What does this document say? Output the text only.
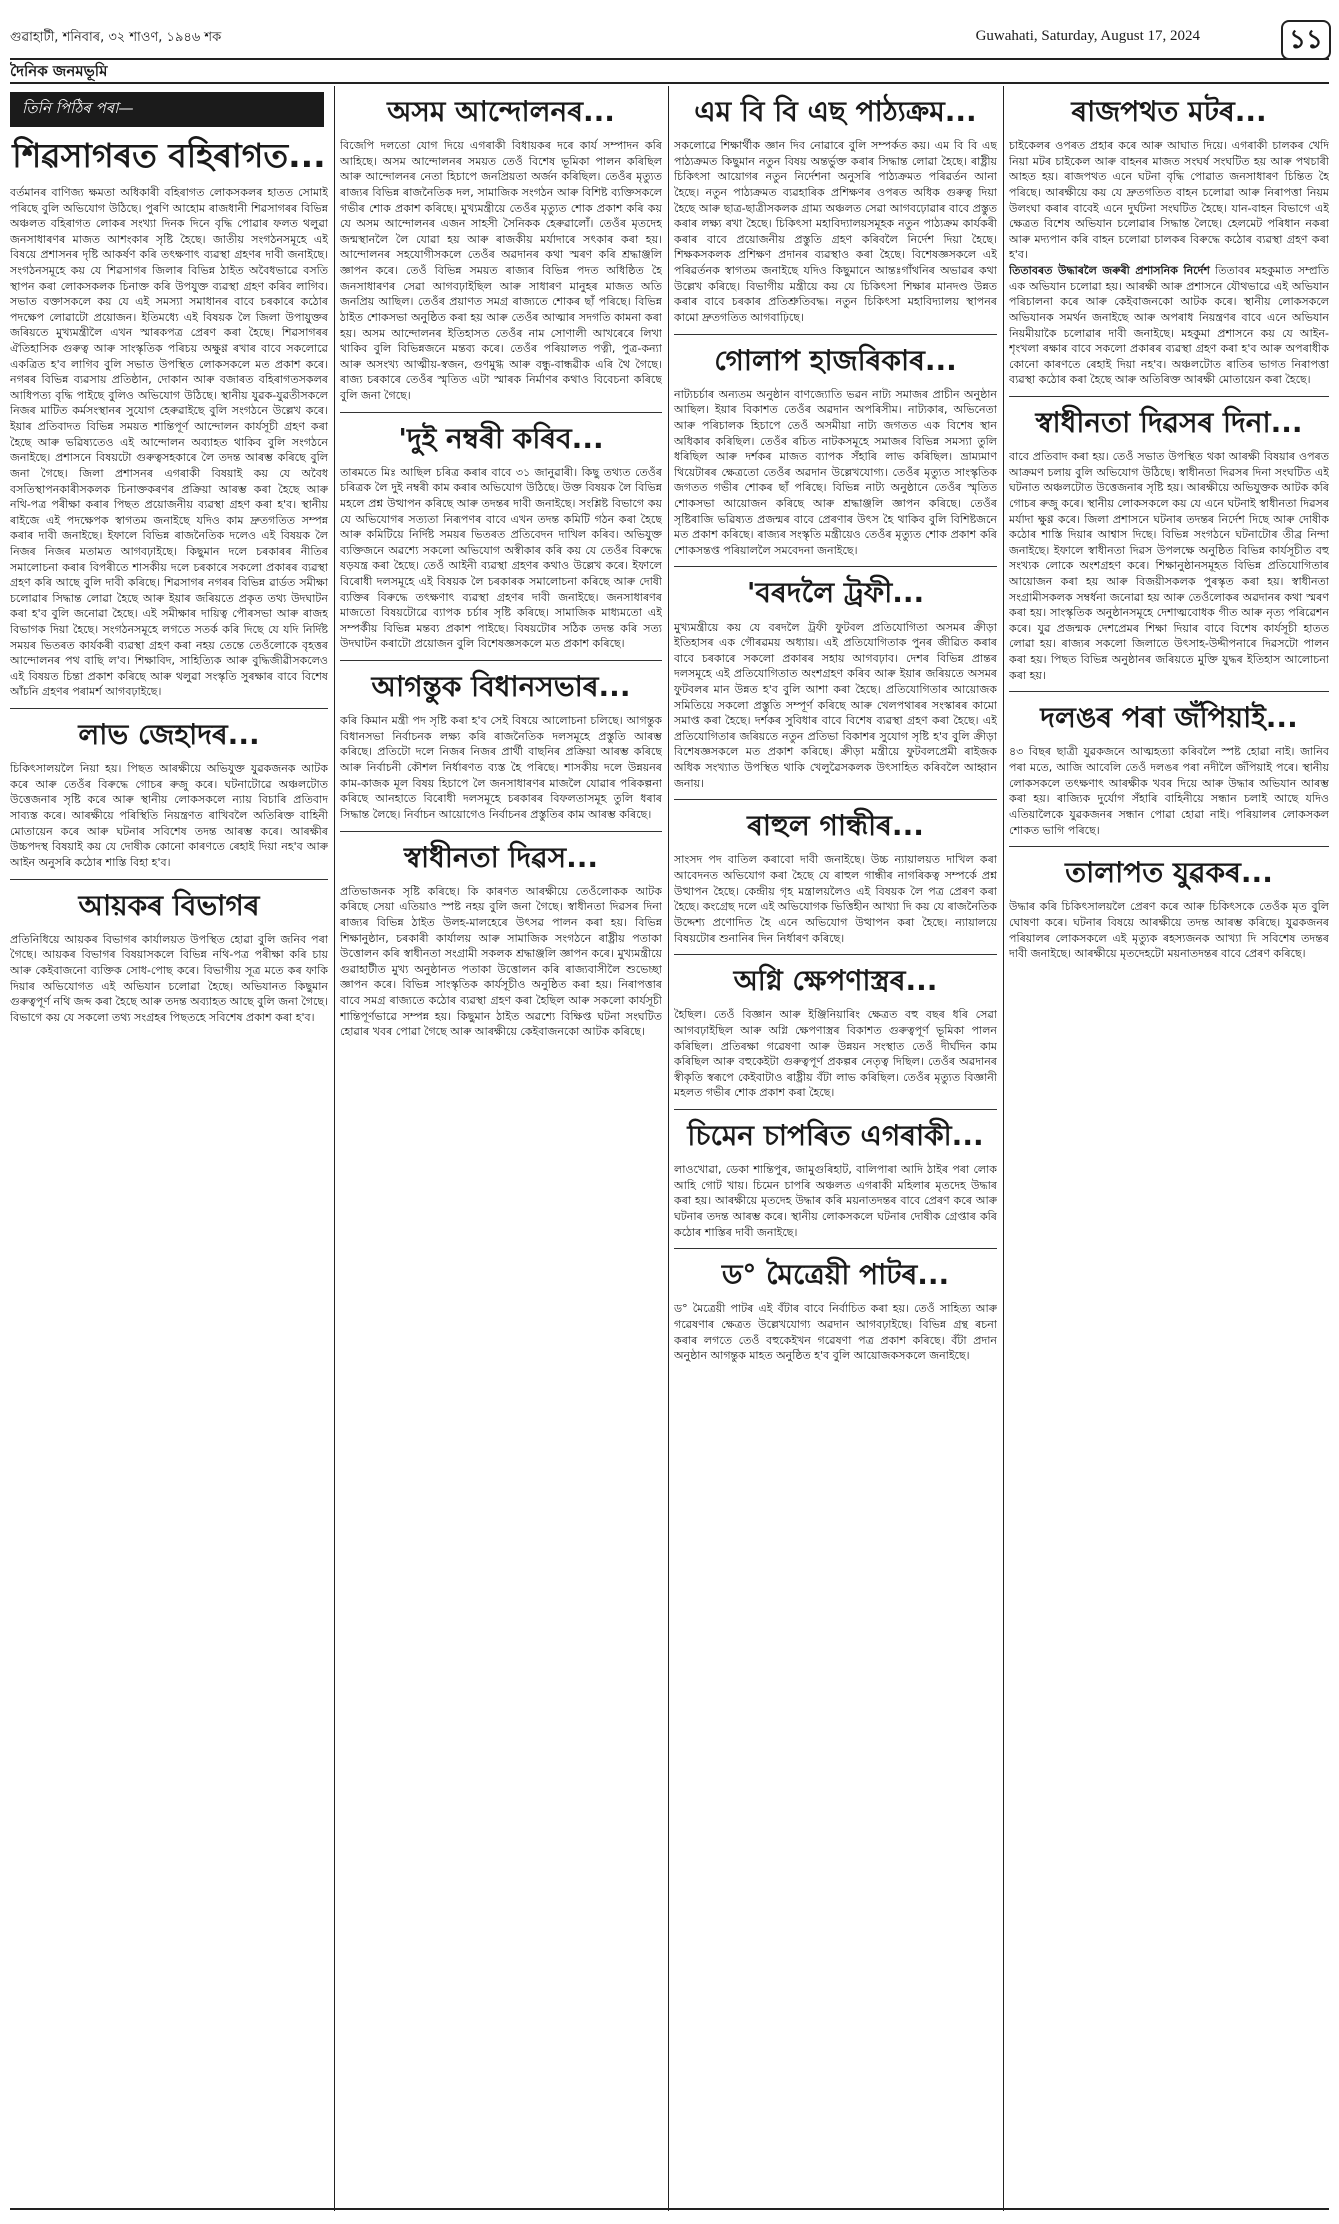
গুৱাহাটী, শনিবাৰ, ৩২ শাওণ, ১৯৪৬ শক	Guwahati, Saturday, August 17, 2024	১১
দৈনিক জনমভূমি
তিনি পিঠিৰ পৰা—
শিৱসাগৰত বহিৰাগত...

বৰ্তমানৰ বাণিজ্য ক্ষমতা অধিকাৰী বহিৰাগত লোকসকলৰ হাতত সোমাই পৰিছে বুলি অভিযোগ উঠিছে। পুৰণি আহোম ৰাজধানী শিৱসাগৰৰ বিভিন্ন অঞ্চলত বহিৰাগত লোকৰ সংখ্যা দিনক দিনে বৃদ্ধি পোৱাৰ ফলত থলুৱা জনসাধাৰণৰ মাজত আশংকাৰ সৃষ্টি হৈছে। জাতীয় সংগঠনসমূহে এই বিষয়ে প্ৰশাসনৰ দৃষ্টি আকৰ্ষণ কৰি তৎক্ষণাৎ ব্যৱস্থা গ্ৰহণৰ দাবী জনাইছে। সংগঠনসমূহে কয় যে শিৱসাগৰ জিলাৰ বিভিন্ন ঠাইত অবৈধভাৱে বসতি স্থাপন কৰা লোকসকলক চিনাক্ত কৰি উপযুক্ত ব্যৱস্থা গ্ৰহণ কৰিব লাগিব। সভাত বক্তাসকলে কয় যে এই সমস্যা সমাধানৰ বাবে চৰকাৰে কঠোৰ পদক্ষেপ লোৱাটো প্ৰয়োজন। ইতিমধ্যে এই বিষয়ক লৈ জিলা উপায়ুক্তৰ জৰিয়তে মুখ্যমন্ত্ৰীলৈ এখন স্মাৰকপত্ৰ প্ৰেৰণ কৰা হৈছে। শিৱসাগৰৰ ঐতিহাসিক গুৰুত্ব আৰু সাংস্কৃতিক পৰিচয় অক্ষুণ্ণ ৰখাৰ বাবে সকলোৱে একত্ৰিত হ'ব লাগিব বুলি সভাত উপস্থিত লোকসকলে মত প্ৰকাশ কৰে। নগৰৰ বিভিন্ন ব্যৱসায় প্ৰতিষ্ঠান, দোকান আৰু বজাৰত বহিৰাগতসকলৰ আধিপত্য বৃদ্ধি পাইছে বুলিও অভিযোগ উঠিছে। স্থানীয় যুৱক-যুৱতীসকলে নিজৰ মাটিত কৰ্মসংস্থানৰ সুযোগ হেৰুৱাইছে বুলি সংগঠনে উল্লেখ কৰে। ইয়াৰ প্ৰতিবাদত বিভিন্ন সময়ত শান্তিপূৰ্ণ আন্দোলন কাৰ্যসূচী গ্ৰহণ কৰা হৈছে আৰু ভৱিষ্যতেও এই আন্দোলন অব্যাহত থাকিব বুলি সংগঠনে জনাইছে। প্ৰশাসনে বিষয়টো গুৰুত্বসহকাৰে লৈ তদন্ত আৰম্ভ কৰিছে বুলি জনা গৈছে। জিলা প্ৰশাসনৰ এগৰাকী বিষয়াই কয় যে অবৈধ বসতিস্থাপনকাৰীসকলক চিনাক্তকৰণৰ প্ৰক্ৰিয়া আৰম্ভ কৰা হৈছে আৰু নথি-পত্ৰ পৰীক্ষা কৰাৰ পিছত প্ৰয়োজনীয় ব্যৱস্থা গ্ৰহণ কৰা হ'ব। স্থানীয় ৰাইজে এই পদক্ষেপক স্বাগতম জনাইছে যদিও কাম দ্ৰুতগতিত সম্পন্ন কৰাৰ দাবী জনাইছে। ইফালে বিভিন্ন ৰাজনৈতিক দলেও এই বিষয়ক লৈ নিজৰ নিজৰ মতামত আগবঢ়াইছে। কিছুমান দলে চৰকাৰৰ নীতিৰ সমালোচনা কৰাৰ বিপৰীতে শাসকীয় দলে চৰকাৰে সকলো প্ৰকাৰৰ ব্যৱস্থা গ্ৰহণ কৰি আছে বুলি দাবী কৰিছে। শিৱসাগৰ নগৰৰ বিভিন্ন ৱাৰ্ডত সমীক্ষা চলোৱাৰ সিদ্ধান্ত লোৱা হৈছে আৰু ইয়াৰ জৰিয়তে প্ৰকৃত তথ্য উদঘাটন কৰা হ'ব বুলি জনোৱা হৈছে। এই সমীক্ষাৰ দায়িত্ব পৌৰসভা আৰু ৰাজহ বিভাগক দিয়া হৈছে। সংগঠনসমূহে লগতে সতৰ্ক কৰি দিছে যে যদি নিৰ্দিষ্ট সময়ৰ ভিতৰত কাৰ্যকৰী ব্যৱস্থা গ্ৰহণ কৰা নহয় তেন্তে তেওঁলোকে বৃহত্তৰ আন্দোলনৰ পথ বাছি ল'ব। শিক্ষাবিদ, সাহিত্যিক আৰু বুদ্ধিজীৱীসকলেও এই বিষয়ত চিন্তা প্ৰকাশ কৰিছে আৰু থলুৱা সংস্কৃতি সুৰক্ষাৰ বাবে বিশেষ আঁচনি গ্ৰহণৰ পৰামৰ্শ আগবঢ়াইছে।

লাভ জেহাদৰ...

চিকিৎসালয়লৈ নিয়া হয়। পিছত আৰক্ষীয়ে অভিযুক্ত যুৱকজনক আটক কৰে আৰু তেওঁৰ বিৰুদ্ধে গোচৰ ৰুজু কৰে। ঘটনাটোৱে অঞ্চলটোত উত্তেজনাৰ সৃষ্টি কৰে আৰু স্থানীয় লোকসকলে ন্যায় বিচাৰি প্ৰতিবাদ সাব্যস্ত কৰে। আৰক্ষীয়ে পৰিস্থিতি নিয়ন্ত্ৰণত ৰাখিবলৈ অতিৰিক্ত বাহিনী মোতায়েন কৰে আৰু ঘটনাৰ সবিশেষ তদন্ত আৰম্ভ কৰে। আৰক্ষীৰ উচ্চপদস্থ বিষয়াই কয় যে দোষীক কোনো কাৰণতে ৰেহাই দিয়া নহ'ব আৰু আইন অনুসৰি কঠোৰ শাস্তি বিহা হ'ব।

আয়কৰ বিভাগৰ

প্ৰতিনিধিয়ে আয়কৰ বিভাগৰ কাৰ্যালয়ত উপস্থিত হোৱা বুলি জনিব পৰা গৈছে। আয়কৰ বিভাগৰ বিষয়াসকলে বিভিন্ন নথি-পত্ৰ পৰীক্ষা কৰি চায় আৰু কেইবাজনো ব্যক্তিক সোধ-পোছ কৰে। বিভাগীয় সূত্ৰ মতে কৰ ফাকি দিয়াৰ অভিযোগত এই অভিযান চলোৱা হৈছে। অভিযানত কিছুমান গুৰুত্বপূৰ্ণ নথি জব্দ কৰা হৈছে আৰু তদন্ত অব্যাহত আছে বুলি জনা গৈছে। বিভাগে কয় যে সকলো তথ্য সংগ্ৰহৰ পিছতহে সবিশেষ প্ৰকাশ কৰা হ'ব।

অসম আন্দোলনৰ...

বিজেপি দলতো যোগ দিয়ে এগৰাকী বিধায়কৰ দৰে কাৰ্য সম্পাদন কৰি আহিছে। অসম আন্দোলনৰ সময়ত তেওঁ বিশেষ ভূমিকা পালন কৰিছিল আৰু আন্দোলনৰ নেতা হিচাপে জনপ্ৰিয়তা অৰ্জন কৰিছিল। তেওঁৰ মৃত্যুত ৰাজ্যৰ বিভিন্ন ৰাজনৈতিক দল, সামাজিক সংগঠন আৰু বিশিষ্ট ব্যক্তিসকলে গভীৰ শোক প্ৰকাশ কৰিছে। মুখ্যমন্ত্ৰীয়ে তেওঁৰ মৃত্যুত শোক প্ৰকাশ কৰি কয় যে অসম আন্দোলনৰ এজন সাহসী সৈনিকক হেৰুৱালোঁ। তেওঁৰ মৃতদেহ জন্মস্থানলৈ লৈ যোৱা হয় আৰু ৰাজকীয় মৰ্যাদাৰে সৎকাৰ কৰা হয়। আন্দোলনৰ সহযোগীসকলে তেওঁৰ অৱদানৰ কথা স্মৰণ কৰি শ্ৰদ্ধাঞ্জলি জ্ঞাপন কৰে। তেওঁ বিভিন্ন সময়ত ৰাজ্যৰ বিভিন্ন পদত অধিষ্ঠিত হৈ জনসাধাৰণৰ সেৱা আগবঢ়াইছিল আৰু সাধাৰণ মানুহৰ মাজত অতি জনপ্ৰিয় আছিল। তেওঁৰ প্ৰয়াণত সমগ্ৰ ৰাজ্যতে শোকৰ ছাঁ পৰিছে। বিভিন্ন ঠাইত শোকসভা অনুষ্ঠিত কৰা হয় আৰু তেওঁৰ আত্মাৰ সদগতি কামনা কৰা হয়। অসম আন্দোলনৰ ইতিহাসত তেওঁৰ নাম সোণালী আখৰেৰে লিখা থাকিব বুলি বিভিন্নজনে মন্তব্য কৰে। তেওঁৰ পৰিয়ালত পত্নী, পুত্ৰ-কন্যা আৰু অসংখ্য আত্মীয়-স্বজন, গুণমুগ্ধ আৰু বন্ধু-বান্ধৱীক এৰি থৈ গৈছে। ৰাজ্য চৰকাৰে তেওঁৰ স্মৃতিত এটা স্মাৰক নিৰ্মাণৰ কথাও বিবেচনা কৰিছে বুলি জনা গৈছে।

'দুই নম্বৰী কৰিব...

তাৰমতে মিঃ আছিল চৰিত্ৰ কৰাৰ বাবে ৩১ জানুৱাৰী। কিছু তথ্যত তেওঁৰ চৰিত্ৰক লৈ দুই নম্বৰী কাম কৰাৰ অভিযোগ উঠিছে। উক্ত বিষয়ক লৈ বিভিন্ন মহলে প্ৰশ্ন উত্থাপন কৰিছে আৰু তদন্তৰ দাবী জনাইছে। সংশ্লিষ্ট বিভাগে কয় যে অভিযোগৰ সত্যতা নিৰূপণৰ বাবে এখন তদন্ত কমিটি গঠন কৰা হৈছে আৰু কমিটিয়ে নিৰ্দিষ্ট সময়ৰ ভিতৰত প্ৰতিবেদন দাখিল কৰিব। অভিযুক্ত ব্যক্তিজনে অৱশ্যে সকলো অভিযোগ অস্বীকাৰ কৰি কয় যে তেওঁৰ বিৰুদ্ধে ষড়যন্ত্ৰ কৰা হৈছে। তেওঁ আইনী ব্যৱস্থা গ্ৰহণৰ কথাও উল্লেখ কৰে। ইফালে বিৰোধী দলসমূহে এই বিষয়ক লৈ চৰকাৰক সমালোচনা কৰিছে আৰু দোষী ব্যক্তিৰ বিৰুদ্ধে তৎক্ষণাৎ ব্যৱস্থা গ্ৰহণৰ দাবী জনাইছে। জনসাধাৰণৰ মাজতো বিষয়টোৱে ব্যাপক চৰ্চাৰ সৃষ্টি কৰিছে। সামাজিক মাধ্যমতো এই সম্পৰ্কীয় বিভিন্ন মন্তব্য প্ৰকাশ পাইছে। বিষয়টোৰ সঠিক তদন্ত কৰি সত্য উদঘাটন কৰাটো প্ৰয়োজন বুলি বিশেষজ্ঞসকলে মত প্ৰকাশ কৰিছে।

আগন্তুক বিধানসভাৰ...

কৰি কিমান মন্ত্ৰী পদ সৃষ্টি কৰা হ'ব সেই বিষয়ে আলোচনা চলিছে। আগন্তুক বিধানসভা নিৰ্বাচনক লক্ষ্য কৰি ৰাজনৈতিক দলসমূহে প্ৰস্তুতি আৰম্ভ কৰিছে। প্ৰতিটো দলে নিজৰ নিজৰ প্ৰাৰ্থী বাছনিৰ প্ৰক্ৰিয়া আৰম্ভ কৰিছে আৰু নিৰ্বাচনী কৌশল নিৰ্ধাৰণত ব্যস্ত হৈ পৰিছে। শাসকীয় দলে উন্নয়নৰ কাম-কাজক মূল বিষয় হিচাপে লৈ জনসাধাৰণৰ মাজলৈ যোৱাৰ পৰিকল্পনা কৰিছে আনহাতে বিৰোধী দলসমূহে চৰকাৰৰ বিফলতাসমূহ তুলি ধৰাৰ সিদ্ধান্ত লৈছে। নিৰ্বাচন আয়োগেও নিৰ্বাচনৰ প্ৰস্তুতিৰ কাম আৰম্ভ কৰিছে।

স্বাধীনতা দিৱস...

প্ৰতিভাজনক সৃষ্টি কৰিছে। কি কাৰণত আৰক্ষীয়ে তেওঁলোকক আটক কৰিছে সেয়া এতিয়াও স্পষ্ট নহয় বুলি জনা গৈছে। স্বাধীনতা দিৱসৰ দিনা ৰাজ্যৰ বিভিন্ন ঠাইত উলহ-মালহেৰে উৎসৱ পালন কৰা হয়। বিভিন্ন শিক্ষানুষ্ঠান, চৰকাৰী কাৰ্যালয় আৰু সামাজিক সংগঠনে ৰাষ্ট্ৰীয় পতাকা উত্তোলন কৰি স্বাধীনতা সংগ্ৰামী সকলক শ্ৰদ্ধাঞ্জলি জ্ঞাপন কৰে। মুখ্যমন্ত্ৰীয়ে গুৱাহাটীত মুখ্য অনুষ্ঠানত পতাকা উত্তোলন কৰি ৰাজ্যবাসীলৈ শুভেচ্ছা জ্ঞাপন কৰে। বিভিন্ন সাংস্কৃতিক কাৰ্যসূচীও অনুষ্ঠিত কৰা হয়। নিৰাপত্তাৰ বাবে সমগ্ৰ ৰাজ্যতে কঠোৰ ব্যৱস্থা গ্ৰহণ কৰা হৈছিল আৰু সকলো কাৰ্যসূচী শান্তিপূৰ্ণভাৱে সম্পন্ন হয়। কিছুমান ঠাইত অৱশ্যে বিক্ষিপ্ত ঘটনা সংঘটিত হোৱাৰ খবৰ পোৱা গৈছে আৰু আৰক্ষীয়ে কেইবাজনকো আটক কৰিছে।

এম বি বি এছ পাঠ্যক্ৰম...

সকলোৱে শিক্ষাৰ্থীক জ্ঞান দিব নোৱাৰে বুলি সম্পৰ্কত কয়। এম বি বি এছ পাঠ্যক্ৰমত কিছুমান নতুন বিষয় অন্তৰ্ভুক্ত কৰাৰ সিদ্ধান্ত লোৱা হৈছে। ৰাষ্ট্ৰীয় চিকিৎসা আয়োগৰ নতুন নিৰ্দেশনা অনুসৰি পাঠ্যক্ৰমত পৰিৱৰ্তন আনা হৈছে। নতুন পাঠ্যক্ৰমত ব্যৱহাৰিক প্ৰশিক্ষণৰ ওপৰত অধিক গুৰুত্ব দিয়া হৈছে আৰু ছাত্ৰ-ছাত্ৰীসকলক গ্ৰাম্য অঞ্চলত সেৱা আগবঢ়োৱাৰ বাবে প্ৰস্তুত কৰাৰ লক্ষ্য ৰখা হৈছে। চিকিৎসা মহাবিদ্যালয়সমূহক নতুন পাঠ্যক্ৰম কাৰ্যকৰী কৰাৰ বাবে প্ৰয়োজনীয় প্ৰস্তুতি গ্ৰহণ কৰিবলৈ নিৰ্দেশ দিয়া হৈছে। শিক্ষকসকলক প্ৰশিক্ষণ প্ৰদানৰ ব্যৱস্থাও কৰা হৈছে। বিশেষজ্ঞসকলে এই পৰিৱৰ্তনক স্বাগতম জনাইছে যদিও কিছুমানে আন্তঃগাঁথনিৰ অভাৱৰ কথা উল্লেখ কৰিছে। বিভাগীয় মন্ত্ৰীয়ে কয় যে চিকিৎসা শিক্ষাৰ মানদণ্ড উন্নত কৰাৰ বাবে চৰকাৰ প্ৰতিশ্ৰুতিবদ্ধ। নতুন চিকিৎসা মহাবিদ্যালয় স্থাপনৰ কামো দ্ৰুতগতিত আগবাঢ়িছে।

গোলাপ হাজৰিকাৰ...

নাট্যচৰ্চাৰ অন্যতম অনুষ্ঠান বাণজ্যোতি ভৱন নাট্য সমাজৰ প্ৰাচীন অনুষ্ঠান আছিল। ইয়াৰ বিকাশত তেওঁৰ অৱদান অপৰিসীম। নাট্যকাৰ, অভিনেতা আৰু পৰিচালক হিচাপে তেওঁ অসমীয়া নাট্য জগতত এক বিশেষ স্থান অধিকাৰ কৰিছিল। তেওঁৰ ৰচিত নাটকসমূহে সমাজৰ বিভিন্ন সমস্যা তুলি ধৰিছিল আৰু দৰ্শকৰ মাজত ব্যাপক সঁহাৰি লাভ কৰিছিল। ভ্ৰাম্যমাণ থিয়েটাৰৰ ক্ষেত্ৰতো তেওঁৰ অৱদান উল্লেখযোগ্য। তেওঁৰ মৃত্যুত সাংস্কৃতিক জগতত গভীৰ শোকৰ ছাঁ পৰিছে। বিভিন্ন নাট্য অনুষ্ঠানে তেওঁৰ স্মৃতিত শোকসভা আয়োজন কৰিছে আৰু শ্ৰদ্ধাঞ্জলি জ্ঞাপন কৰিছে। তেওঁৰ সৃষ্টিৰাজি ভৱিষ্যত প্ৰজন্মৰ বাবে প্ৰেৰণাৰ উৎস হৈ থাকিব বুলি বিশিষ্টজনে মত প্ৰকাশ কৰিছে। ৰাজ্যৰ সংস্কৃতি মন্ত্ৰীয়েও তেওঁৰ মৃত্যুত শোক প্ৰকাশ কৰি শোকসন্তপ্ত পৰিয়াললৈ সমবেদনা জনাইছে।

'বৰদলৈ ট্ৰফী...

মুখ্যমন্ত্ৰীয়ে কয় যে বৰদলৈ ট্ৰফী ফুটবল প্ৰতিযোগিতা অসমৰ ক্ৰীড়া ইতিহাসৰ এক গৌৰৱময় অধ্যায়। এই প্ৰতিযোগিতাক পুনৰ জীৱিত কৰাৰ বাবে চৰকাৰে সকলো প্ৰকাৰৰ সহায় আগবঢ়াব। দেশৰ বিভিন্ন প্ৰান্তৰ দলসমূহে এই প্ৰতিযোগিতাত অংশগ্ৰহণ কৰিব আৰু ইয়াৰ জৰিয়তে অসমৰ ফুটবলৰ মান উন্নত হ'ব বুলি আশা কৰা হৈছে। প্ৰতিযোগিতাৰ আয়োজক সমিতিয়ে সকলো প্ৰস্তুতি সম্পূৰ্ণ কৰিছে আৰু খেলপথাৰৰ সংস্কাৰৰ কামো সমাপ্ত কৰা হৈছে। দৰ্শকৰ সুবিধাৰ বাবে বিশেষ ব্যৱস্থা গ্ৰহণ কৰা হৈছে। এই প্ৰতিযোগিতাৰ জৰিয়তে নতুন প্ৰতিভা বিকাশৰ সুযোগ সৃষ্টি হ'ব বুলি ক্ৰীড়া বিশেষজ্ঞসকলে মত প্ৰকাশ কৰিছে। ক্ৰীড়া মন্ত্ৰীয়ে ফুটবলপ্ৰেমী ৰাইজক অধিক সংখ্যাত উপস্থিত থাকি খেলুৱৈসকলক উৎসাহিত কৰিবলৈ আহ্বান জনায়।

ৰাহুল গান্ধীৰ...

সাংসদ পদ বাতিল কৰাবো দাবী জনাইছে। উচ্চ ন্যায়ালয়ত দাখিল কৰা আবেদনত অভিযোগ কৰা হৈছে যে ৰাহুল গান্ধীৰ নাগৰিকত্ব সম্পৰ্কে প্ৰশ্ন উত্থাপন হৈছে। কেন্দ্ৰীয় গৃহ মন্ত্ৰালয়লৈও এই বিষয়ক লৈ পত্ৰ প্ৰেৰণ কৰা হৈছে। কংগ্ৰেছ দলে এই অভিযোগক ভিত্তিহীন আখ্যা দি কয় যে ৰাজনৈতিক উদ্দেশ্য প্ৰণোদিত হৈ এনে অভিযোগ উত্থাপন কৰা হৈছে। ন্যায়ালয়ে বিষয়টোৰ শুনানিৰ দিন নিৰ্ধাৰণ কৰিছে।

অগ্নি ক্ষেপণাস্ত্ৰৰ...

হৈছিল। তেওঁ বিজ্ঞান আৰু ইঞ্জিনিয়াৰিং ক্ষেত্ৰত বহু বছৰ ধৰি সেৱা আগবঢ়াইছিল আৰু অগ্নি ক্ষেপণাস্ত্ৰৰ বিকাশত গুৰুত্বপূৰ্ণ ভূমিকা পালন কৰিছিল। প্ৰতিৰক্ষা গৱেষণা আৰু উন্নয়ন সংস্থাত তেওঁ দীৰ্ঘদিন কাম কৰিছিল আৰু বহুকেইটা গুৰুত্বপূৰ্ণ প্ৰকল্পৰ নেতৃত্ব দিছিল। তেওঁৰ অৱদানৰ স্বীকৃতি স্বৰূপে কেইবাটাও ৰাষ্ট্ৰীয় বঁটা লাভ কৰিছিল। তেওঁৰ মৃত্যুত বিজ্ঞানী মহলত গভীৰ শোক প্ৰকাশ কৰা হৈছে।

চিমেন চাপৰিত এগৰাকী...

লাওখোৱা, ডেকা শান্তিপুৰ, জামুগুৰিহাট, বালিপাৰা আদি ঠাইৰ পৰা লোক আহি গোট খায়। চিমেন চাপৰি অঞ্চলত এগৰাকী মহিলাৰ মৃতদেহ উদ্ধাৰ কৰা হয়। আৰক্ষীয়ে মৃতদেহ উদ্ধাৰ কৰি ময়নাতদন্তৰ বাবে প্ৰেৰণ কৰে আৰু ঘটনাৰ তদন্ত আৰম্ভ কৰে। স্থানীয় লোকসকলে ঘটনাৰ দোষীক গ্ৰেপ্তাৰ কৰি কঠোৰ শাস্তিৰ দাবী জনাইছে।

ড° মৈত্ৰেয়ী পাটৰ...

ড° মৈত্ৰেয়ী পাটৰ এই বঁটাৰ বাবে নিৰ্বাচিত কৰা হয়। তেওঁ সাহিত্য আৰু গৱেষণাৰ ক্ষেত্ৰত উল্লেখযোগ্য অৱদান আগবঢ়াইছে। বিভিন্ন গ্ৰন্থ ৰচনা কৰাৰ লগতে তেওঁ বহুকেইখন গৱেষণা পত্ৰ প্ৰকাশ কৰিছে। বঁটা প্ৰদান অনুষ্ঠান আগন্তুক মাহত অনুষ্ঠিত হ'ব বুলি আয়োজকসকলে জনাইছে।

ৰাজপথত মটৰ...

চাইকেলৰ ওপৰত প্ৰহাৰ কৰে আৰু আঘাত দিয়ে। এগৰাকী চালকৰ খেদি নিয়া মটৰ চাইকেল আৰু বাহনৰ মাজত সংঘৰ্ষ সংঘটিত হয় আৰু পথচাৰী আহত হয়। ৰাজপথত এনে ঘটনা বৃদ্ধি পোৱাত জনসাধাৰণ চিন্তিত হৈ পৰিছে। আৰক্ষীয়ে কয় যে দ্ৰুতগতিত বাহন চলোৱা আৰু নিৰাপত্তা নিয়ম উলংঘা কৰাৰ বাবেই এনে দুৰ্ঘটনা সংঘটিত হৈছে। যান-বাহন বিভাগে এই ক্ষেত্ৰত বিশেষ অভিযান চলোৱাৰ সিদ্ধান্ত লৈছে। হেলমেট পৰিধান নকৰা আৰু মদ্যপান কৰি বাহন চলোৱা চালকৰ বিৰুদ্ধে কঠোৰ ব্যৱস্থা গ্ৰহণ কৰা হ'ব।

তিতাবৰত উদ্ধাৰলৈ জৰুৰী প্ৰশাসনিক নিৰ্দেশ তিতাবৰ মহকুমাত সম্প্ৰতি এক অভিযান চলোৱা হয়। আৰক্ষী আৰু প্ৰশাসনে যৌথভাৱে এই অভিযান পৰিচালনা কৰে আৰু কেইবাজনকো আটক কৰে। স্থানীয় লোকসকলে অভিযানক সমৰ্থন জনাইছে আৰু অপৰাধ নিয়ন্ত্ৰণৰ বাবে এনে অভিযান নিয়মীয়াকৈ চলোৱাৰ দাবী জনাইছে। মহকুমা প্ৰশাসনে কয় যে আইন-শৃংখলা ৰক্ষাৰ বাবে সকলো প্ৰকাৰৰ ব্যৱস্থা গ্ৰহণ কৰা হ'ব আৰু অপৰাধীক কোনো কাৰণতে ৰেহাই দিয়া নহ'ব। অঞ্চলটোত ৰাতিৰ ভাগত নিৰাপত্তা ব্যৱস্থা কঠোৰ কৰা হৈছে আৰু অতিৰিক্ত আৰক্ষী মোতায়েন কৰা হৈছে।

স্বাধীনতা দিৱসৰ দিনা...

বাবে প্ৰতিবাদ কৰা হয়। তেওঁ সভাত উপস্থিত থকা আৰক্ষী বিষয়াৰ ওপৰত আক্ৰমণ চলায় বুলি অভিযোগ উঠিছে। স্বাধীনতা দিৱসৰ দিনা সংঘটিত এই ঘটনাত অঞ্চলটোত উত্তেজনাৰ সৃষ্টি হয়। আৰক্ষীয়ে অভিযুক্তক আটক কৰি গোচৰ ৰুজু কৰে। স্থানীয় লোকসকলে কয় যে এনে ঘটনাই স্বাধীনতা দিৱসৰ মৰ্যাদা ক্ষুণ্ণ কৰে। জিলা প্ৰশাসনে ঘটনাৰ তদন্তৰ নিৰ্দেশ দিছে আৰু দোষীক কঠোৰ শাস্তি দিয়াৰ আশ্বাস দিছে। বিভিন্ন সংগঠনে ঘটনাটোৰ তীব্ৰ নিন্দা জনাইছে। ইফালে স্বাধীনতা দিৱস উপলক্ষে অনুষ্ঠিত বিভিন্ন কাৰ্যসূচীত বহু সংখ্যক লোকে অংশগ্ৰহণ কৰে। শিক্ষানুষ্ঠানসমূহত বিভিন্ন প্ৰতিযোগিতাৰ আয়োজন কৰা হয় আৰু বিজয়ীসকলক পুৰস্কৃত কৰা হয়। স্বাধীনতা সংগ্ৰামীসকলক সম্বৰ্ধনা জনোৱা হয় আৰু তেওঁলোকৰ অৱদানৰ কথা স্মৰণ কৰা হয়। সাংস্কৃতিক অনুষ্ঠানসমূহে দেশাত্মবোধক গীত আৰু নৃত্য পৰিৱেশন কৰে। যুৱ প্ৰজন্মক দেশপ্ৰেমৰ শিক্ষা দিয়াৰ বাবে বিশেষ কাৰ্যসূচী হাতত লোৱা হয়। ৰাজ্যৰ সকলো জিলাতে উৎসাহ-উদ্দীপনাৰে দিৱসটো পালন কৰা হয়। পিছত বিভিন্ন অনুষ্ঠানৰ জৰিয়তে মুক্তি যুদ্ধৰ ইতিহাস আলোচনা কৰা হয়।

দলঙৰ পৰা জঁপিয়াই...

৪৩ বিছৰ ছাত্ৰী যুৱকজনে আত্মহত্যা কৰিবলৈ স্পষ্ট হোৱা নাই। জানিব পৰা মতে, আজি আবেলি তেওঁ দলঙৰ পৰা নদীলৈ জঁপিয়াই পৰে। স্থানীয় লোকসকলে তৎক্ষণাৎ আৰক্ষীক খবৰ দিয়ে আৰু উদ্ধাৰ অভিযান আৰম্ভ কৰা হয়। ৰাজ্যিক দুৰ্যোগ সঁহাৰি বাহিনীয়ে সন্ধান চলাই আছে যদিও এতিয়ালৈকে যুৱকজনৰ সন্ধান পোৱা হোৱা নাই। পৰিয়ালৰ লোকসকল শোকত ভাগি পৰিছে।

তালাপত যুৱকৰ...

উদ্ধাৰ কৰি চিকিৎসালয়লৈ প্ৰেৰণ কৰে আৰু চিকিৎসকে তেওঁক মৃত বুলি ঘোষণা কৰে। ঘটনাৰ বিষয়ে আৰক্ষীয়ে তদন্ত আৰম্ভ কৰিছে। যুৱকজনৰ পৰিয়ালৰ লোকসকলে এই মৃত্যুক ৰহস্যজনক আখ্যা দি সবিশেষ তদন্তৰ দাবী জনাইছে। আৰক্ষীয়ে মৃতদেহটো ময়নাতদন্তৰ বাবে প্ৰেৰণ কৰিছে।
